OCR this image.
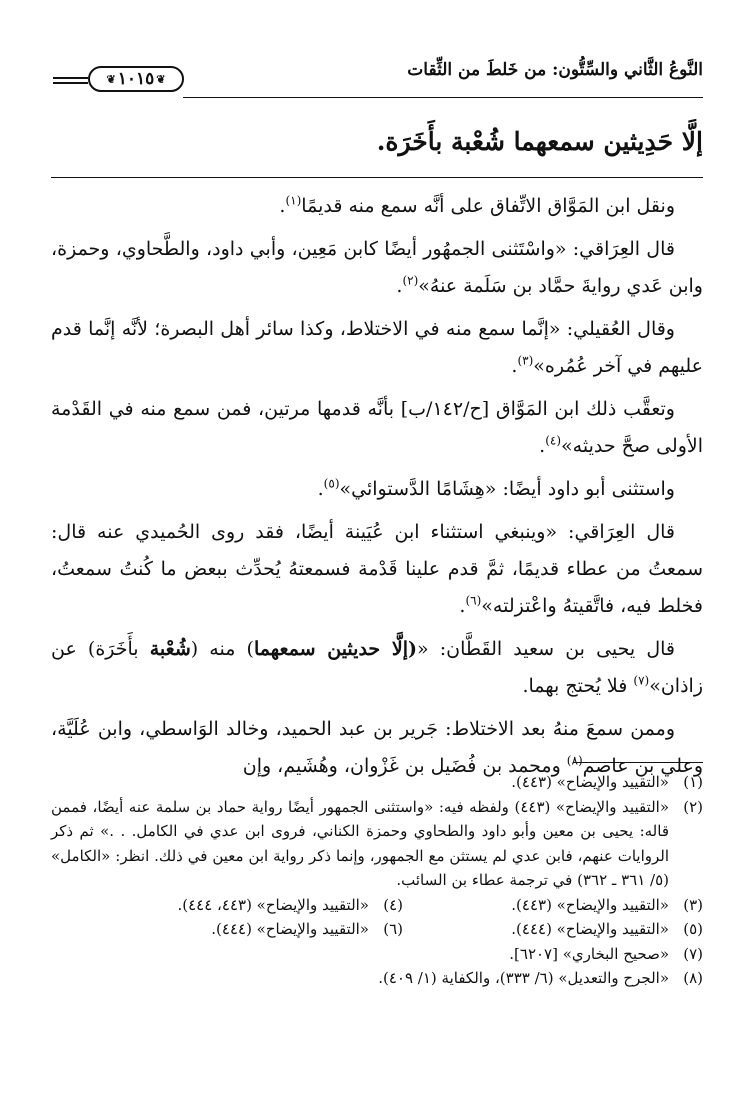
النَّوعُ الثَّاني والسِّتُّون: من خَلطَ من الثِّقات
❦ ١٠١٥
❦
إلَّا حَدِيثين سمعهما شُعْبة بأَخَرَة.

ونقل ابن المَوَّاق الاتِّفاق على أنَّه سمع منه قديمًا$^{(١)}$.

قال العِرَاقي: «واسْتَثنى الجمهُور أيضًا كابن مَعِين، وأبي داود، والطَّحاوي، وحمزة، وابن عَدي روايةَ حمَّاد بن سَلَمة عنهُ»$^{(٢)}$.

وقال العُقيلي: «إنَّما سمع منه في الاختلاط، وكذا سائر أهل البصرة؛ لأنَّه إنَّما قدم عليهم في آخر عُمُره»$^{(٣)}$.

وتعقَّب ذلك ابن المَوَّاق [ح/١٤٢/ب] بأنَّه قدمها مرتين، فمن سمع منه في القَدْمة الأولى صحَّ حديثه»$^{(٤)}$.

واستثنى أبو داود أيضًا: «هِشَامًا الدَّستوائي»$^{(٥)}$.

قال العِرَاقي: «وينبغي استثناء ابن عُيَينة أيضًا، فقد روى الحُميدي عنه قال: سمعتُ من عطاء قديمًا، ثمَّ قدم علينا قَدْمة فسمعتهُ يُحدِّث ببعض ما كُنتُ سمعتُ، فخلط فيه، فاتَّقيتهُ واعْتزلته»$^{(٦)}$.

قال يحيى بن سعيد القَطَّان: «(إلَّا حديثين سمعهما) منه (شُعْبة بأَخَرَة) عن زاذان»$^{(٧)}$ فلا يُحتج بهما.

وممن سمعَ منهُ بعد الاختلاط: جَرير بن عبد الحميد، وخالد الوَاسطي، وابن عُلَيَّة، وعلي بن عاصم$^{(٨)}$ ومحمد بن فُضَيل بن غَزْوان، وهُشَيم، وإن

(١)
«التقييد والإيضاح» (٤٤٣).
(٢)
«التقييد والإيضاح» (٤٤٣) ولفظه فيه: «واستثنى الجمهور أيضًا رواية حماد بن سلمة عنه أيضًا، فممن قاله: يحيى بن معين وأبو داود والطحاوي وحمزة الكناني، فروى ابن عدي في الكامل. . .» ثم ذكر الروايات عنهم، فابن عدي لم يستثن مع الجمهور، وإنما ذكر رواية ابن معين في ذلك. انظر: «الكامل» (٥/ ٣٦١ ـ ٣٦٢) في ترجمة عطاء بن السائب.
(٣)
«التقييد والإيضاح» (٤٤٣).
(٤)
«التقييد والإيضاح» (٤٤٣، ٤٤٤).
(٥)
«التقييد والإيضاح» (٤٤٤).
(٦)
«التقييد والإيضاح» (٤٤٤).
(٧)
«صحيح البخاري» [٦٢٠٧].
(٨)
«الجرح والتعديل» (٦/ ٣٣٣)، والكفاية (١/ ٤٠٩).
